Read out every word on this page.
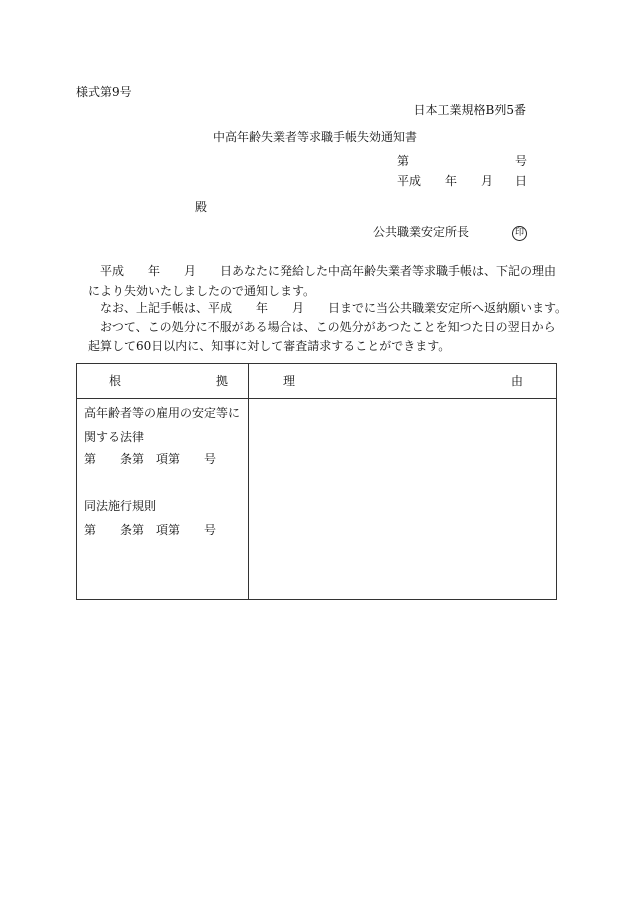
様式第9号
日本工業規格B列5番
中高年齢失業者等求職手帳失効通知書
第	号
平成 年 月 日
殿
公共職業安定所長	印
平成　　年　　月　　日あなたに発給した中高年齢失業者等求職手帳は、下記の理由
により失効いたしましたので通知します。
なお、上記手帳は、平成　　年　　月　　日までに当公共職業安定所へ返納願います。
おつて、この処分に不服がある場合は、この処分があつたことを知つた日の翌日から
起算して60日以内に、知事に対して審査請求することができます。
根 拠	理 由

高年齢者等の雇用の安定等に
関する法律
第　　条第　項第　　号
同法施行規則
第　　条第　項第　　号	
